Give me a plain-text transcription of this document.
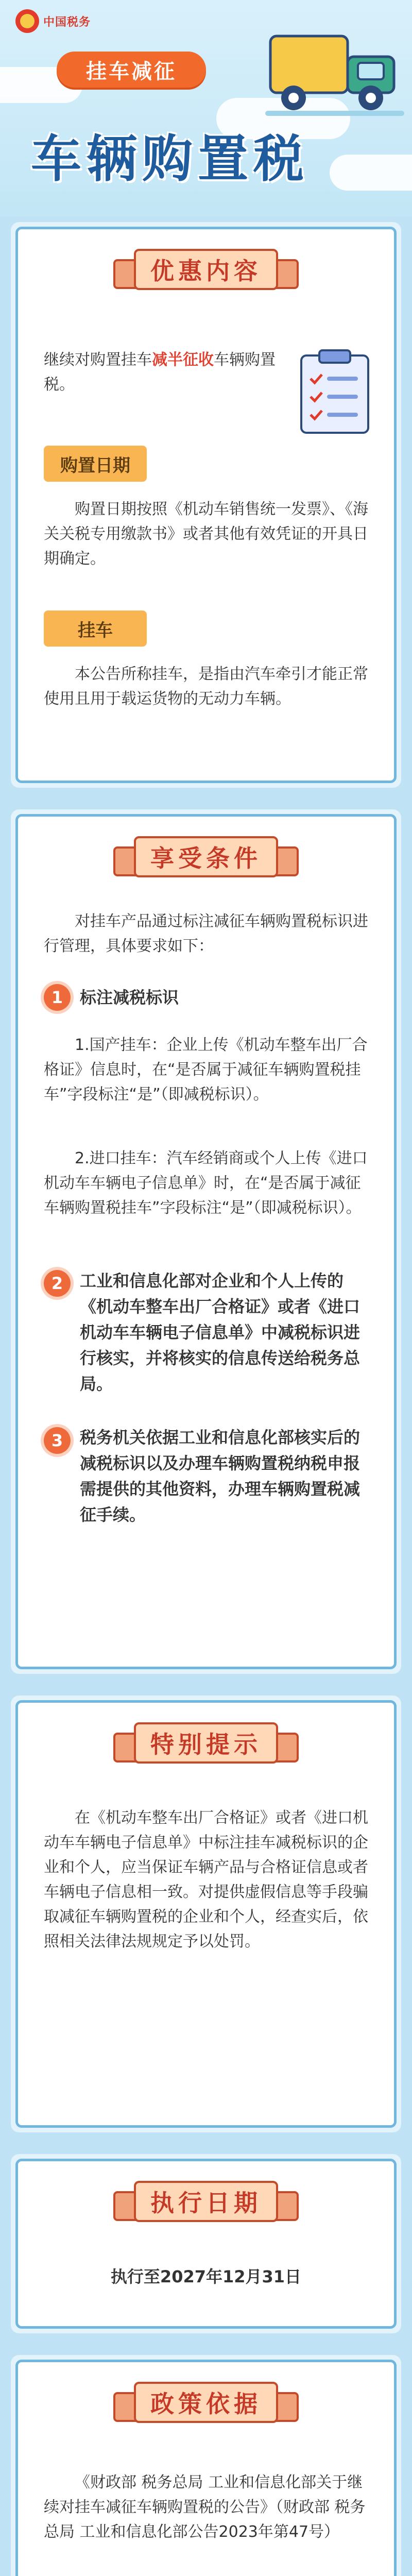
中国税务
挂车减征
车辆购置税
优惠内容
继续对购置挂车减半征收车辆购置税。
购置日期
购置日期按照《机动车销售统一发票》、《海关关税专用缴款书》或者其他有效凭证的开具日期确定。
挂车
本公告所称挂车，是指由汽车牵引才能正常使用且用于载运货物的无动力车辆。
享受条件
对挂车产品通过标注减征车辆购置税标识进行管理，具体要求如下：
1	标注减税标识
1.国产挂车：企业上传《机动车整车出厂合格证》信息时，在“是否属于减征车辆购置税挂车”字段标注“是”（即减税标识）。
2.进口挂车：汽车经销商或个人上传《进口机动车车辆电子信息单》时，在“是否属于减征车辆购置税挂车”字段标注“是”（即减税标识）。
2	工业和信息化部对企业和个人上传的《机动车整车出厂合格证》或者《进口机动车车辆电子信息单》中减税标识进行核实，并将核实的信息传送给税务总局。
3	税务机关依据工业和信息化部核实后的减税标识以及办理车辆购置税纳税申报需提供的其他资料，办理车辆购置税减征手续。
特别提示
在《机动车整车出厂合格证》或者《进口机动车车辆电子信息单》中标注挂车减税标识的企业和个人，应当保证车辆产品与合格证信息或者车辆电子信息相一致。对提供虚假信息等手段骗取减征车辆购置税的企业和个人，经查实后，依照相关法律法规规定予以处罚。
执行日期
执行至2027年12月31日
政策依据
《财政部 税务总局 工业和信息化部关于继续对挂车减征车辆购置税的公告》（财政部 税务总局 工业和信息化部公告2023年第47号）
